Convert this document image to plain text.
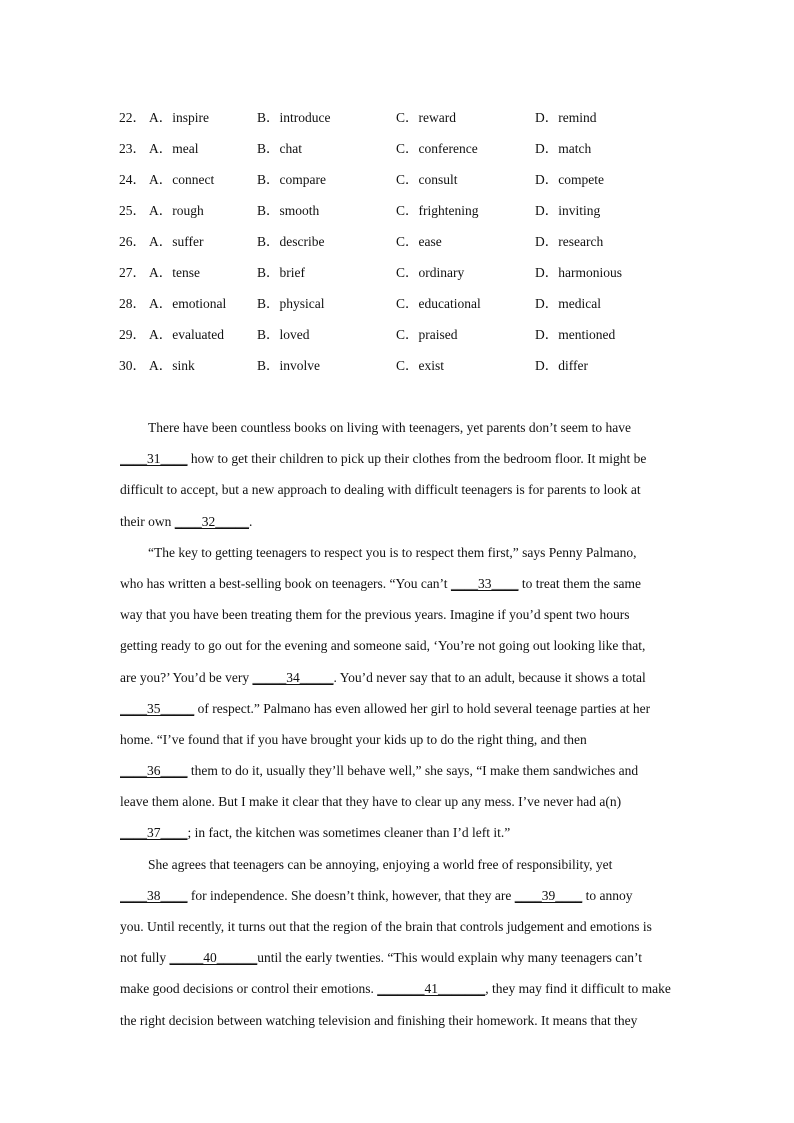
22． A．inspire	B．introduce	C．reward	D．remind
23． A．meal	B．chat	C．conference	D．match
24． A．connect	B．compare	C．consult	D．compete
25． A．rough	B．smooth	C．frightening	D．inviting
26． A．suffer	B．describe	C．ease	D．research
27． A．tense	B．brief	C．ordinary	D．harmonious
28． A．emotional	B．physical	C．educational	D．medical
29． A．evaluated	B．loved	C．praised	D．mentioned
30． A．sink	B．involve	C．exist	D．differ
There have been countless books on living with teenagers, yet parents don’t seem to have
____31____ how to get their children to pick up their clothes from the bedroom floor. It might be
difficult to accept, but a new approach to dealing with difficult teenagers is for parents to look at
their own ____32_____.
“The key to getting teenagers to respect you is to respect them first,” says Penny Palmano,
who has written a best-selling book on teenagers. “You can’t ____33____ to treat them the same
way that you have been treating them for the previous years. Imagine if you’d spent two hours
getting ready to go out for the evening and someone said, ‘You’re not going out looking like that,
are you?’ You’d be very _____34_____. You’d never say that to an adult, because it shows a total
____35_____ of respect.” Palmano has even allowed her girl to hold several teenage parties at her
home. “I’ve found that if you have brought your kids up to do the right thing, and then
____36____ them to do it, usually they’ll behave well,” she says, “I make them sandwiches and
leave them alone. But I make it clear that they have to clear up any mess. I’ve never had a(n)
____37____; in fact, the kitchen was sometimes cleaner than I’d left it.”
She agrees that teenagers can be annoying, enjoying a world free of responsibility, yet
____38____ for independence. She doesn’t think, however, that they are ____39____ to annoy
you. Until recently, it turns out that the region of the brain that controls judgement and emotions is
not fully _____40______until the early twenties. “This would explain why many teenagers can’t
make good decisions or control their emotions. _______41_______, they may find it difficult to make
the right decision between watching television and finishing their homework. It means that they
